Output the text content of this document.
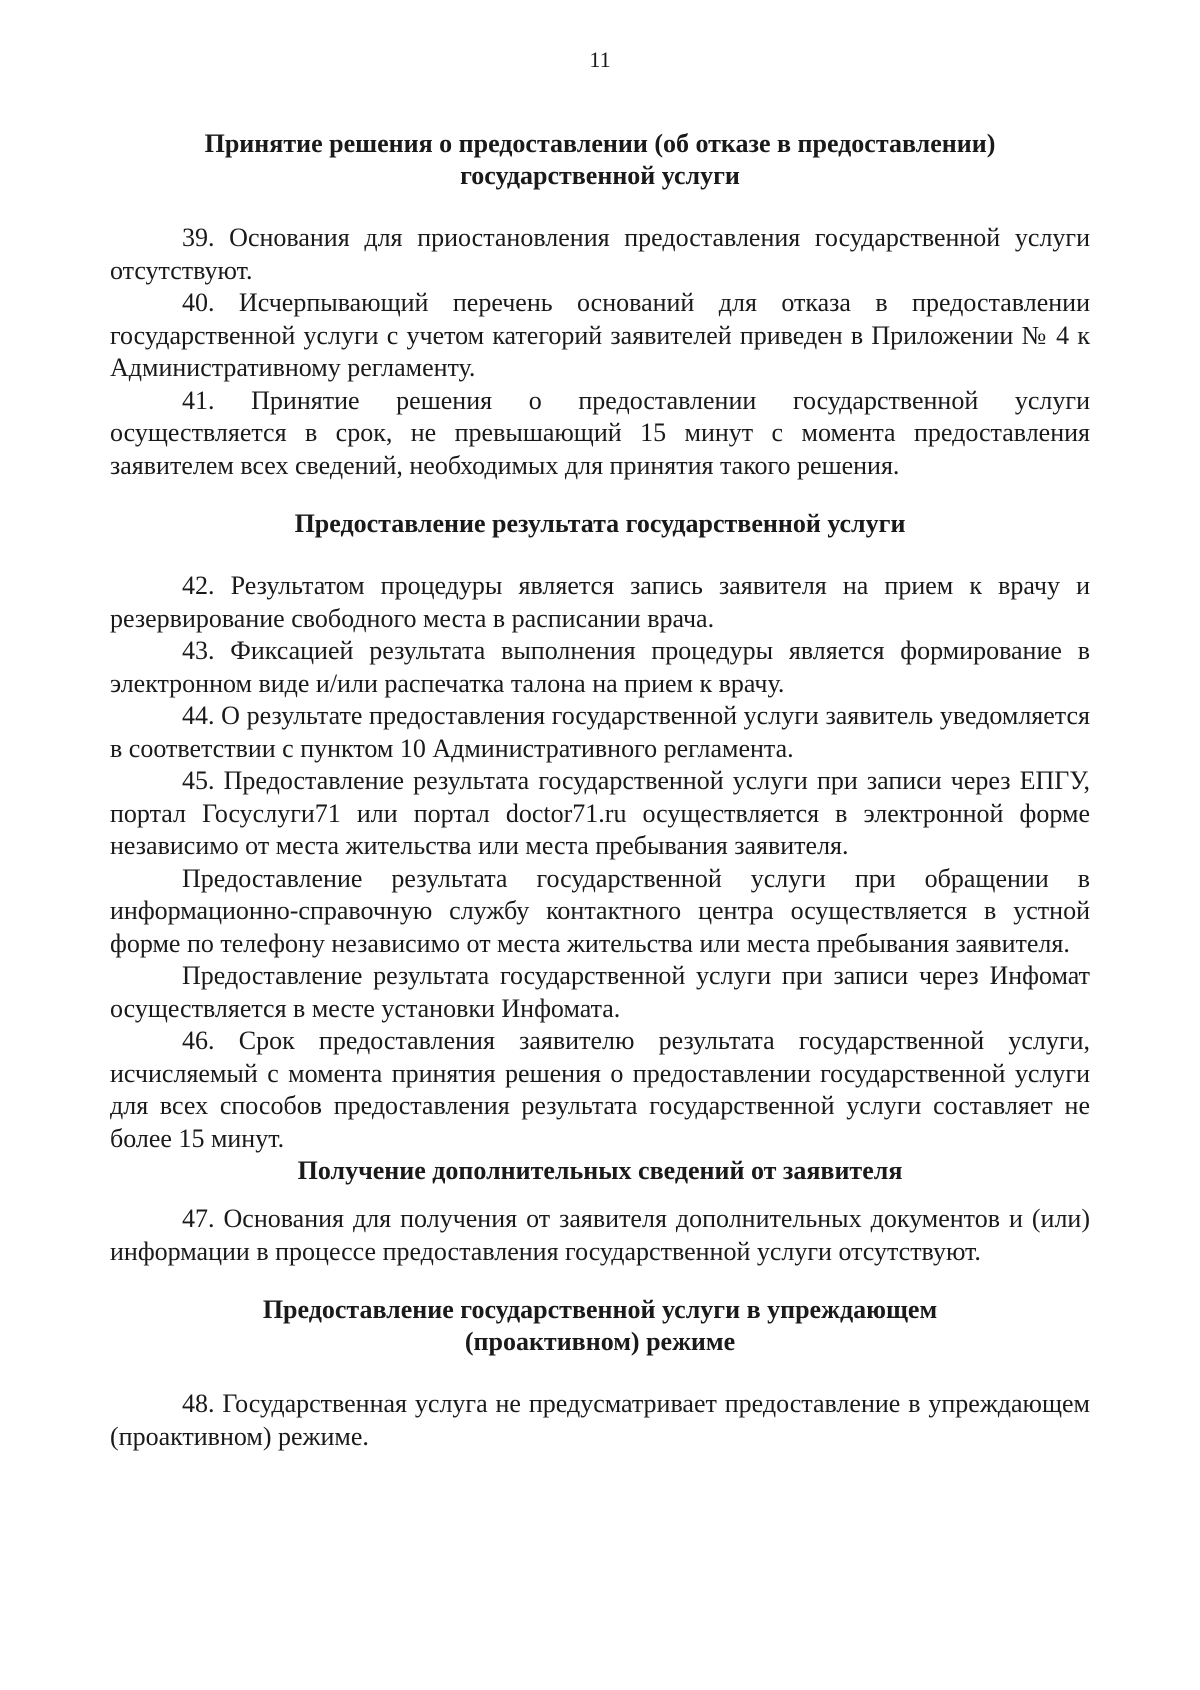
11
Принятие решения о предоставлении (об отказе в предоставлении)
государственной услуги

39. Основания для приостановления предоставления государственной услуги отсутствуют.

40. Исчерпывающий перечень оснований для отказа в предоставлении государственной услуги с учетом категорий заявителей приведен в Приложении № 4 к Административному регламенту.

41. Принятие решения о предоставлении государственной услуги осуществляется в срок, не превышающий 15 минут с момента предоставления заявителем всех сведений, необходимых для принятия такого решения.

Предоставление результата государственной услуги

42. Результатом процедуры является запись заявителя на прием к врачу и резервирование свободного места в расписании врача.

43. Фиксацией результата выполнения процедуры является формирование в электронном виде и/или распечатка талона на прием к врачу.

44. О результате предоставления государственной услуги заявитель уведомляется в соответствии с пунктом 10 Административного регламента.

45. Предоставление результата государственной услуги при записи через ЕПГУ, портал Госуслуги71 или портал doctor71.ru осуществляется в электронной форме независимо от места жительства или места пребывания заявителя.

Предоставление результата государственной услуги при обращении в информационно-справочную службу контактного центра осуществляется в устной форме по телефону независимо от места жительства или места пребывания заявителя.

Предоставление результата государственной услуги при записи через Инфомат осуществляется в месте установки Инфомата.

46. Срок предоставления заявителю результата государственной услуги, исчисляемый с момента принятия решения о предоставлении государственной услуги для всех способов предоставления результата государственной услуги составляет не более 15 минут.

Получение дополнительных сведений от заявителя

47. Основания для получения от заявителя дополнительных документов и (или) информации в процессе предоставления государственной услуги отсутствуют.

Предоставление государственной услуги в упреждающем
(проактивном) режиме

48. Государственная услуга не предусматривает предоставление в упреждающем (проактивном) режиме.
